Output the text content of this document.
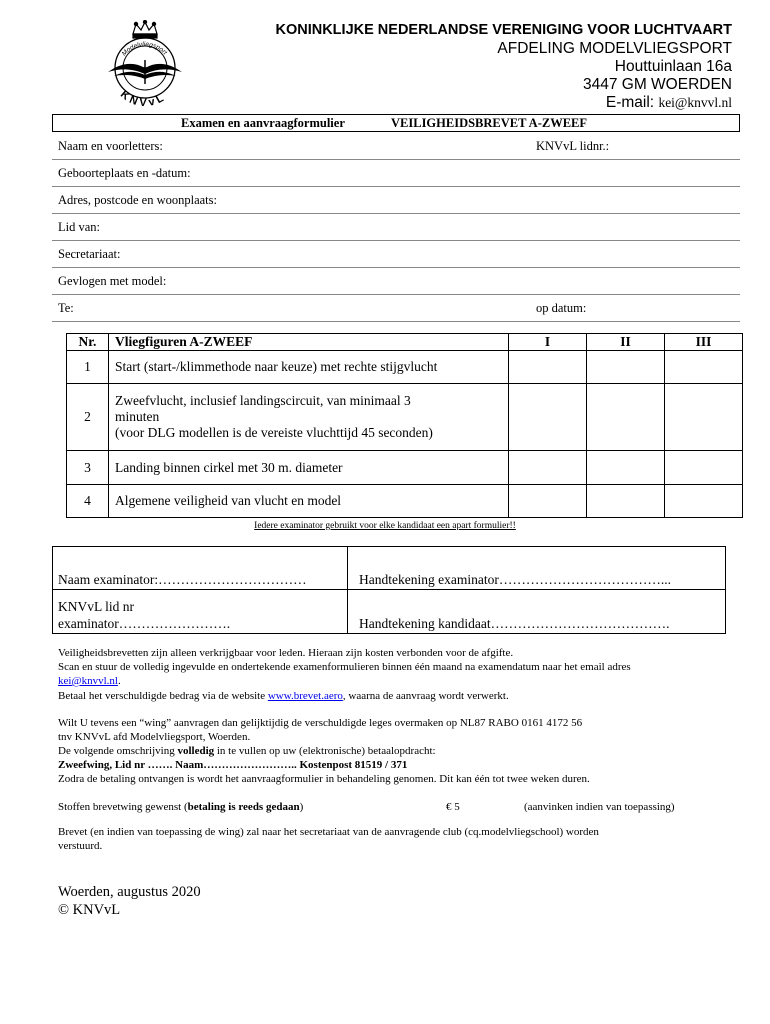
Modelvliegsport
K N V v L
KONINKLIJKE NEDERLANDSE VERENIGING VOOR LUCHTVAART
AFDELING MODELVLIEGSPORT
Houttuinlaan 16a
3447 GM WOERDEN
E-mail: kei@knvvl.nl
Examen en aanvraagformulier	VEILIGHEIDSBREVET A-ZWEEF
Naam en voorletters:	KNVvL lidnr.:
Geboorteplaats en -datum:
Adres, postcode en woonplaats:
Lid van:
Secretariaat:
Gevlogen met model:
Te:	op datum:
Nr.	Vliegfiguren A-ZWEEF	I	II	III
1	Start (start-/klimmethode naar keuze) met rechte stijgvlucht			
2	Zweefvlucht, inclusief landingscircuit, van minimaal 3
minuten
(voor DLG modellen is de vereiste vluchttijd 45 seconden)			

3	Landing binnen cirkel met 30 m. diameter			
4	Algemene veiligheid van vlucht en model			
Iedere examinator gebruikt voor elke kandidaat een apart formulier!!
Naam examinator:……………………………	Handtekening examinator………………………………...
KNVvL lid nr
examinator…………………….	Handtekening kandidaat………………………………….
Veiligheidsbrevetten zijn alleen verkrijgbaar voor leden. Hieraan zijn kosten verbonden voor de afgifte.
Scan en stuur de volledig ingevulde en ondertekende examenformulieren binnen één maand na examendatum naar het email adres
kei@knvvl.nl.
Betaal het verschuldigde bedrag via de website www.brevet.aero, waarna de aanvraag wordt verwerkt.
Wilt U tevens een “wing” aanvragen dan gelijktijdig de verschuldigde leges overmaken op NL87 RABO 0161 4172 56
tnv KNVvL afd Modelvliegsport, Woerden.
De volgende omschrijving volledig in te vullen op uw (elektronische) betaalopdracht:
Zweefwing, Lid nr ……. Naam…………………….. Kostenpost 81519 / 371
Zodra de betaling ontvangen is wordt het aanvraagformulier in behandeling genomen. Dit kan één tot twee weken duren.
Stoffen brevetwing gewenst (betaling is reeds gedaan)	€ 5	(aanvinken indien van toepassing)
Brevet (en indien van toepassing de wing) zal naar het secretariaat van de aanvragende club (cq.modelvliegschool) worden
verstuurd.
Woerden, augustus 2020
© KNVvL
